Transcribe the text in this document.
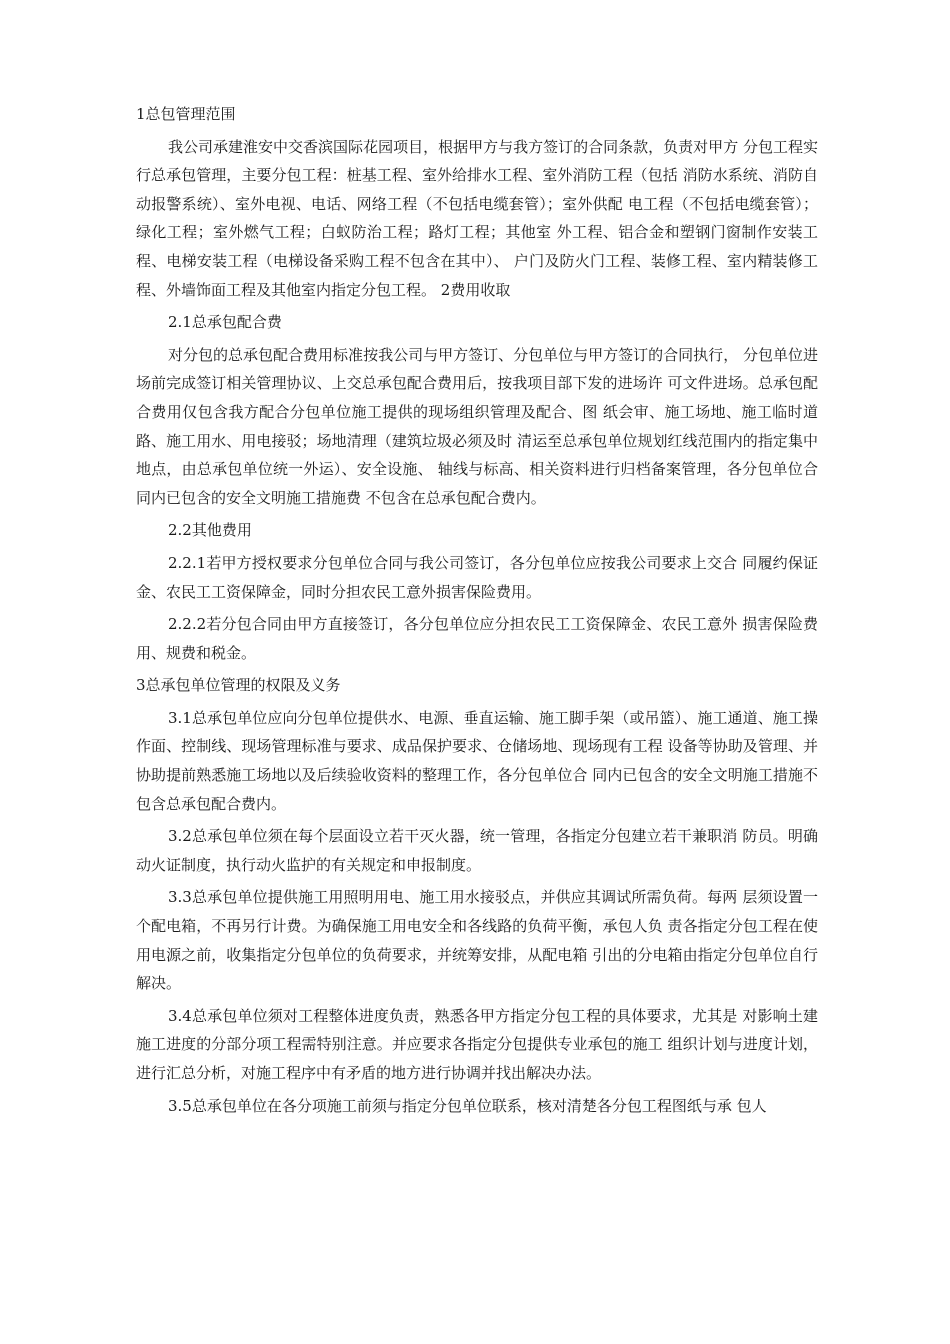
1总包管理范围

我公司承建淮安中交香滨国际花园项目，根据甲方与我方签订的合同条款，负责对甲方 分包工程实行总承包管理，主要分包工程：桩基工程、室外给排水工程、室外消防工程（包括 消防水系统、消防自动报警系统）、室外电视、电话、网络工程（不包括电缆套管）；室外供配 电工程（不包括电缆套管）；绿化工程；室外燃气工程；白蚁防治工程；路灯工程；其他室 外工程、铝合金和塑钢门窗制作安装工程、电梯安装工程（电梯设备采购工程不包含在其中）、 户门及防火门工程、装修工程、室内精装修工程、外墙饰面工程及其他室内指定分包工程。 2费用收取

2.1总承包配合费

对分包的总承包配合费用标准按我公司与甲方签订、分包单位与甲方签订的合同执行， 分包单位进场前完成签订相关管理协议、上交总承包配合费用后，按我项目部下发的进场许 可文件进场。总承包配合费用仅包含我方配合分包单位施工提供的现场组织管理及配合、图 纸会审、施工场地、施工临时道路、施工用水、用电接驳；场地清理（建筑垃圾必须及时 清运至总承包单位规划红线范围内的指定集中地点，由总承包单位统一外运）、安全设施、 轴线与标高、相关资料进行归档备案管理，各分包单位合同内已包含的安全文明施工措施费 不包含在总承包配合费内。

2.2其他费用

2.2.1若甲方授权要求分包单位合同与我公司签订，各分包单位应按我公司要求上交合 同履约保证金、农民工工资保障金，同时分担农民工意外损害保险费用。

2.2.2若分包合同由甲方直接签订，各分包单位应分担农民工工资保障金、农民工意外 损害保险费用、规费和税金。

3总承包单位管理的权限及义务

3.1总承包单位应向分包单位提供水、电源、垂直运输、施工脚手架（或吊篮）、施工通道、施工操作面、控制线、现场管理标准与要求、成品保护要求、仓储场地、现场现有工程 设备等协助及管理、并协助提前熟悉施工场地以及后续验收资料的整理工作，各分包单位合 同内已包含的安全文明施工措施不包含总承包配合费内。

3.2总承包单位须在每个层面设立若干灭火器，统一管理，各指定分包建立若干兼职消 防员。明确动火证制度，执行动火监护的有关规定和申报制度。

3.3总承包单位提供施工用照明用电、施工用水接驳点，并供应其调试所需负荷。每两 层须设置一个配电箱，不再另行计费。为确保施工用电安全和各线路的负荷平衡，承包人负 责各指定分包工程在使用电源之前，收集指定分包单位的负荷要求，并统筹安排，从配电箱 引出的分电箱由指定分包单位自行解决。

3.4总承包单位须对工程整体进度负责，熟悉各甲方指定分包工程的具体要求，尤其是 对影响土建施工进度的分部分项工程需特别注意。并应要求各指定分包提供专业承包的施工 组织计划与进度计划，进行汇总分析，对施工程序中有矛盾的地方进行协调并找出解决办法。

3.5总承包单位在各分项施工前须与指定分包单位联系，核对清楚各分包工程图纸与承 包人
